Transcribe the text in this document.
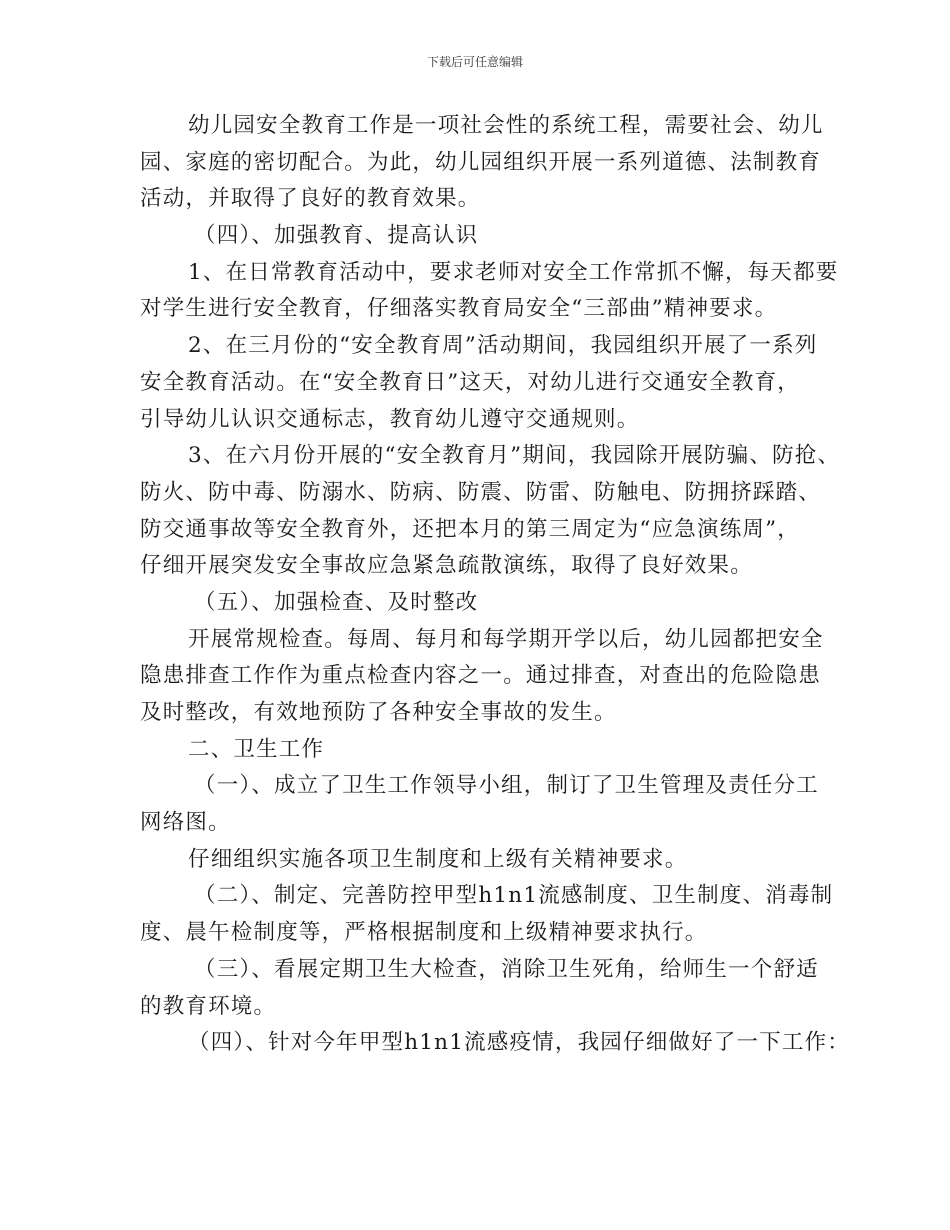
下载后可任意编辑
幼儿园安全教育工作是一项社会性的系统工程，需要社会、幼儿
园、家庭的密切配合。为此，幼儿园组织开展一系列道德、法制教育
活动，并取得了良好的教育效果。
（四）、加强教育、提高认识
1、在日常教育活动中，要求老师对安全工作常抓不懈，每天都要
对学生进行安全教育，仔细落实教育局安全“三部曲”精神要求。
2、在三月份的“安全教育周”活动期间，我园组织开展了一系列
安全教育活动。在“安全教育日”这天，对幼儿进行交通安全教育，
引导幼儿认识交通标志，教育幼儿遵守交通规则。
3、在六月份开展的“安全教育月”期间，我园除开展防骗、防抢、
防火、防中毒、防溺水、防病、防震、防雷、防触电、防拥挤踩踏、
防交通事故等安全教育外，还把本月的第三周定为“应急演练周”，
仔细开展突发安全事故应急紧急疏散演练，取得了良好效果。
（五）、加强检查、及时整改
开展常规检查。每周、每月和每学期开学以后，幼儿园都把安全
隐患排查工作作为重点检查内容之一。通过排查，对查出的危险隐患
及时整改，有效地预防了各种安全事故的发生。
二、卫生工作
（一）、成立了卫生工作领导小组，制订了卫生管理及责任分工
网络图。
仔细组织实施各项卫生制度和上级有关精神要求。
（二）、制定、完善防控甲型h1n1流感制度、卫生制度、消毒制
度、晨午检制度等，严格根据制度和上级精神要求执行。
（三）、看展定期卫生大检查，消除卫生死角，给师生一个舒适
的教育环境。
（四）、针对今年甲型h1n1流感疫情，我园仔细做好了一下工作：
